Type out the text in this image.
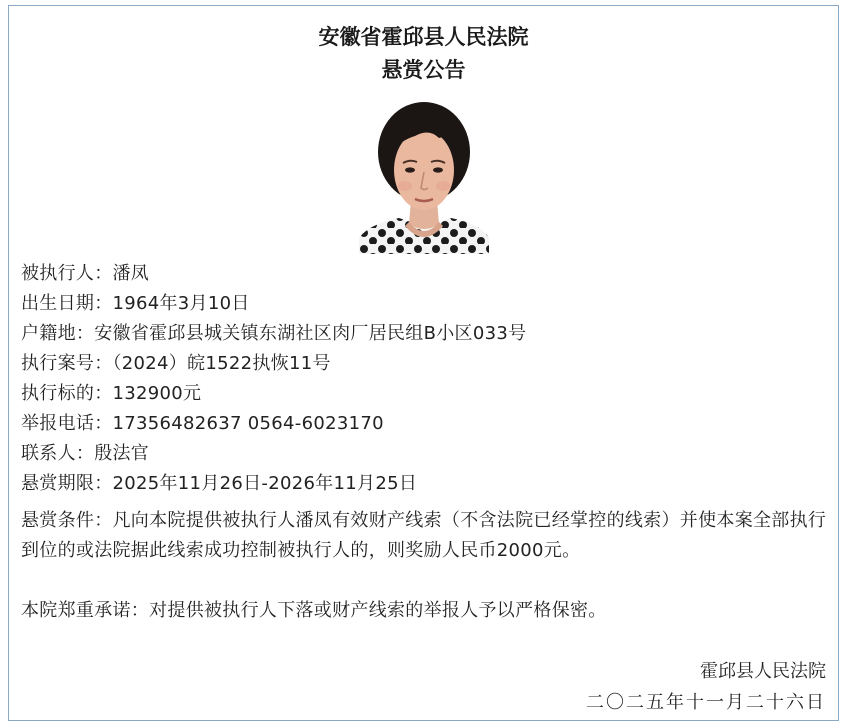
安徽省霍邱县人民法院
悬赏公告
被执行人：潘凤
出生日期：1964年3月10日
户籍地：安徽省霍邱县城关镇东湖社区肉厂居民组B小区033号
执行案号：（2024）皖1522执恢11号
执行标的：132900元
举报电话：17356482637 0564-6023170
联系人：殷法官
悬赏期限：2025年11月26日-2026年11月25日

悬赏条件：凡向本院提供被执行人潘凤有效财产线索（不含法院已经掌控的线索）并使本案全部执行到位的或法院据此线索成功控制被执行人的，则奖励人民币2000元。

本院郑重承诺：对提供被执行人下落或财产线索的举报人予以严格保密。

霍邱县人民法院

二〇二五年十一月二十六日
